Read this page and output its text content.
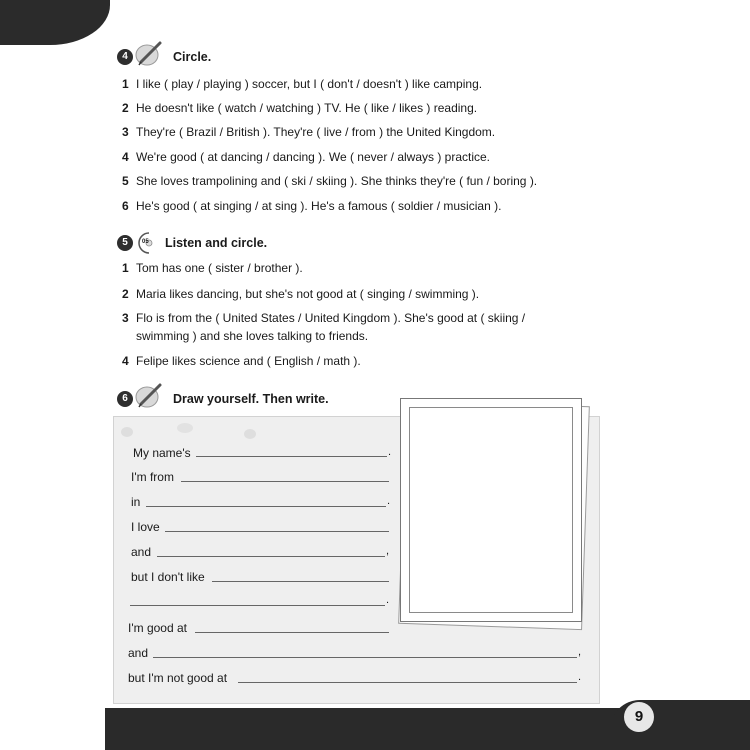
9
4	Circle.
1 I like ( play / playing ) soccer, but I ( don't / doesn't ) like camping.
2 He doesn't like ( watch / watching ) TV. He ( like / likes ) reading.
3 They're ( Brazil / British ). They're ( live / from ) the United Kingdom.
4 We're good ( at dancing / dancing ). We ( never / always ) practice.
5 She loves trampolining and ( ski / skiing ). She thinks they're ( fun / boring ).
6 He's good ( at singing / at sing ). He's a famous ( soldier / musician ).
5	05 Listen and circle.
1 Tom has one ( sister / brother ).
2 Maria likes dancing, but she's not good at ( singing / swimming ).
3 Flo is from the ( United States / United Kingdom ). She's good at ( skiing /
swimming ) and she loves talking to friends.
4 Felipe likes science and ( English / math ).
6	Draw yourself. Then write.
My name's	.
I'm from
in	.
I love
and	,
but I don't like
.
I'm good at
and	,
but I'm not good at	.
